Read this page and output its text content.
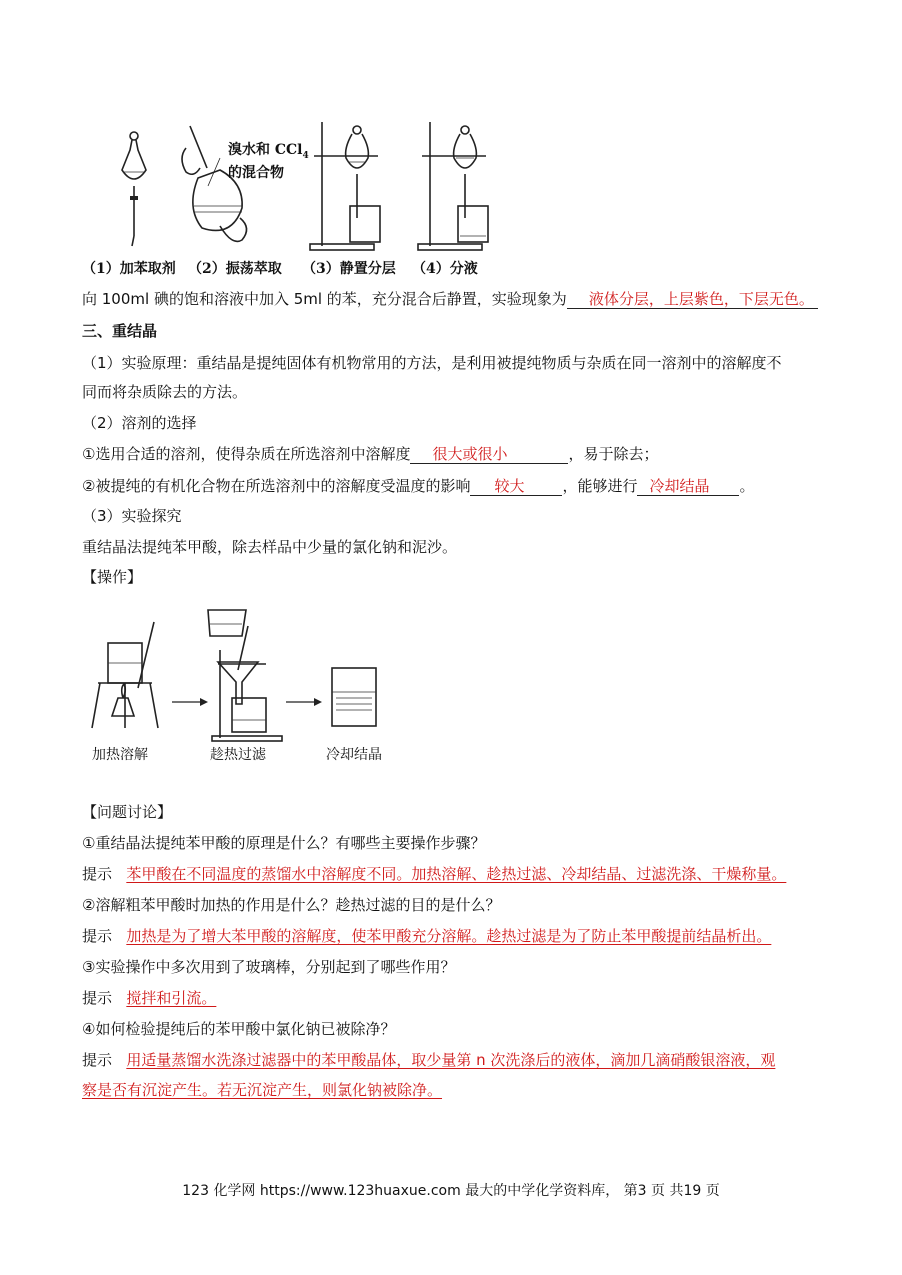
溴水和 CCl$_4$
的混合物
（1）加苯取剂 （2）振荡萃取 （3）静置分层 （4）分液
向 100ml 碘的饱和溶液中加入 5ml 的苯，充分混合后静置，实验现象为 液体分层，上层紫色，下层无色。
三、重结晶
（1）实验原理：重结晶是提纯固体有机物常用的方法，是利用被提纯物质与杂质在同一溶剂中的溶解度不
同而将杂质除去的方法。
（2）溶剂的选择
①选用合适的溶剂，使得杂质在所选溶剂中溶解度 很大或很小	，易于除去；
②被提纯的有机化合物在所选溶剂中的溶解度受温度的影响 较大	，能够进行 冷却结晶 。
（3）实验探究
重结晶法提纯苯甲酸，除去样品中少量的氯化钠和泥沙。
【操作】
加热溶解	趁热过滤	冷却结晶
【问题讨论】
①重结晶法提纯苯甲酸的原理是什么？有哪些主要操作步骤？
提示 苯甲酸在不同温度的蒸馏水中溶解度不同。加热溶解、趁热过滤、冷却结晶、过滤洗涤、干燥称量。
②溶解粗苯甲酸时加热的作用是什么？趁热过滤的目的是什么？
提示 加热是为了增大苯甲酸的溶解度，使苯甲酸充分溶解。趁热过滤是为了防止苯甲酸提前结晶析出。
③实验操作中多次用到了玻璃棒，分别起到了哪些作用？
提示 搅拌和引流。
④如何检验提纯后的苯甲酸中氯化钠已被除净？
提示 用适量蒸馏水洗涤过滤器中的苯甲酸晶体，取少量第 n 次洗涤后的液体，滴加几滴硝酸银溶液，观
察是否有沉淀产生。若无沉淀产生，则氯化钠被除净。
123 化学网 https://www.123huaxue.com 最大的中学化学资料库， 第3 页 共19 页
